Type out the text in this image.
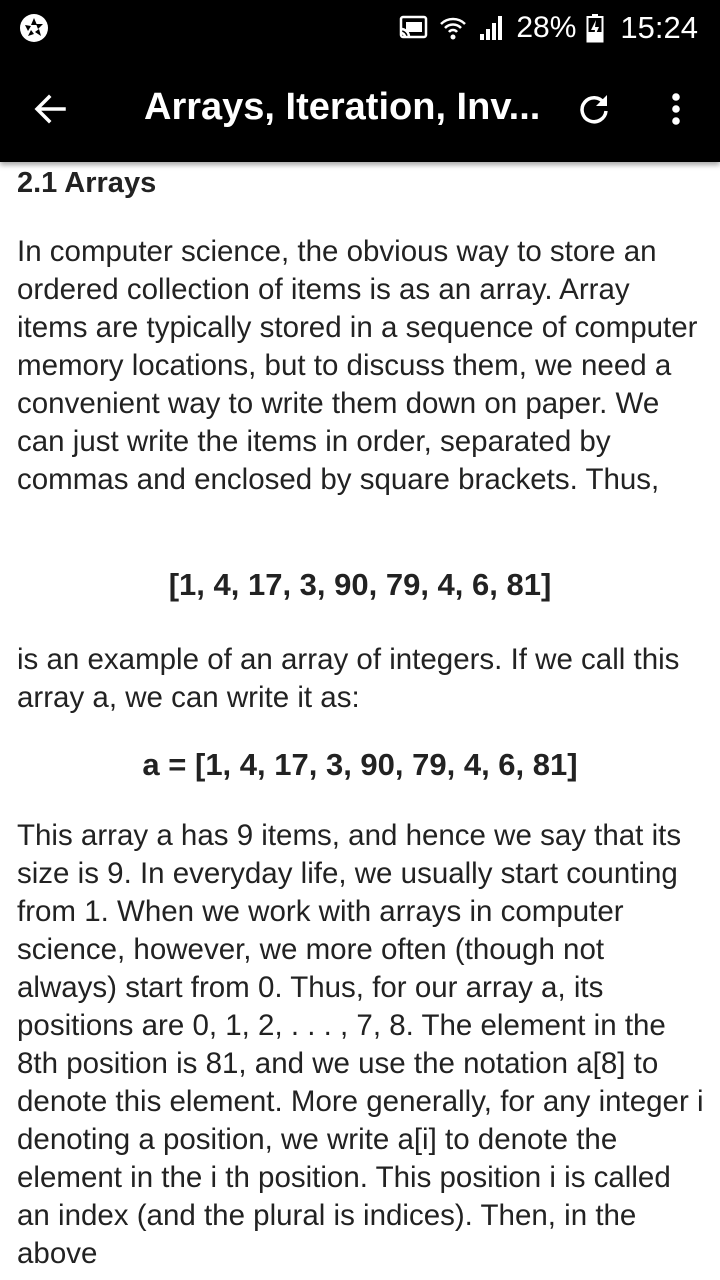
28% 15:24
Arrays, Iteration, Inv...
2.1 Arrays
In computer science, the obvious way to store an ordered collection of items is as an array. Array items are typically stored in a sequence of computer memory locations, but to discuss them, we need a convenient way to write them down on paper. We can just write the items in order, separated by commas and enclosed by square brackets. Thus,
[1, 4, 17, 3, 90, 79, 4, 6, 81]
is an example of an array of integers. If we call this array a, we can write it as:
a = [1, 4, 17, 3, 90, 79, 4, 6, 81]
This array a has 9 items, and hence we say that its size is 9. In everyday life, we usually start counting from 1. When we work with arrays in computer science, however, we more often (though not always) start from 0. Thus, for our array a, its positions are 0, 1, 2, . . . , 7, 8. The element in the 8th position is 81, and we use the notation a[8] to denote this element. More generally, for any integer i denoting a position, we write a[i] to denote the element in the i th position. This position i is called an index (and the plural is indices). Then, in the above
